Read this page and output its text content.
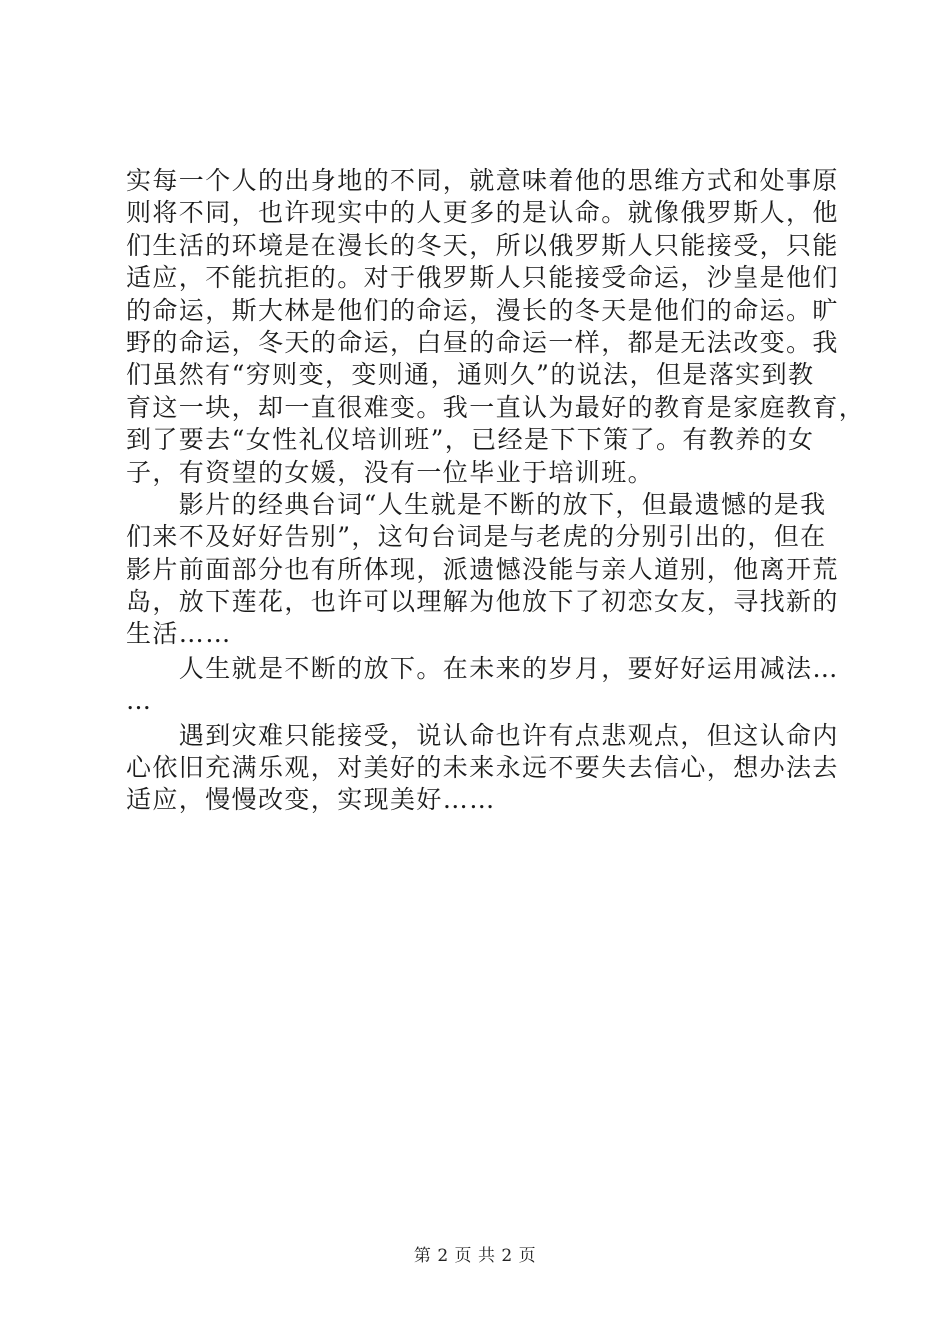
实每一个人的出身地的不同，就意味着他的思维方式和处事原
则将不同，也许现实中的人更多的是认命。就像俄罗斯人，他
们生活的环境是在漫长的冬天，所以俄罗斯人只能接受，只能
适应，不能抗拒的。对于俄罗斯人只能接受命运，沙皇是他们
的命运，斯大林是他们的命运，漫长的冬天是他们的命运。旷
野的命运，冬天的命运，白昼的命运一样，都是无法改变。我
们虽然有“穷则变，变则通，通则久”的说法，但是落实到教
育这一块，却一直很难变。我一直认为最好的教育是家庭教育，
到了要去“女性礼仪培训班”，已经是下下策了。有教养的女
子，有资望的女媛，没有一位毕业于培训班。
　　影片的经典台词“人生就是不断的放下，但最遗憾的是我
们来不及好好告别”，这句台词是与老虎的分别引出的，但在
影片前面部分也有所体现，派遗憾没能与亲人道别，他离开荒
岛，放下莲花，也许可以理解为他放下了初恋女友，寻找新的
生活……
　　人生就是不断的放下。在未来的岁月，要好好运用减法…
…
　　遇到灾难只能接受，说认命也许有点悲观点，但这认命内
心依旧充满乐观，对美好的未来永远不要失去信心，想办法去
适应，慢慢改变，实现美好……
第 2 页 共 2 页
